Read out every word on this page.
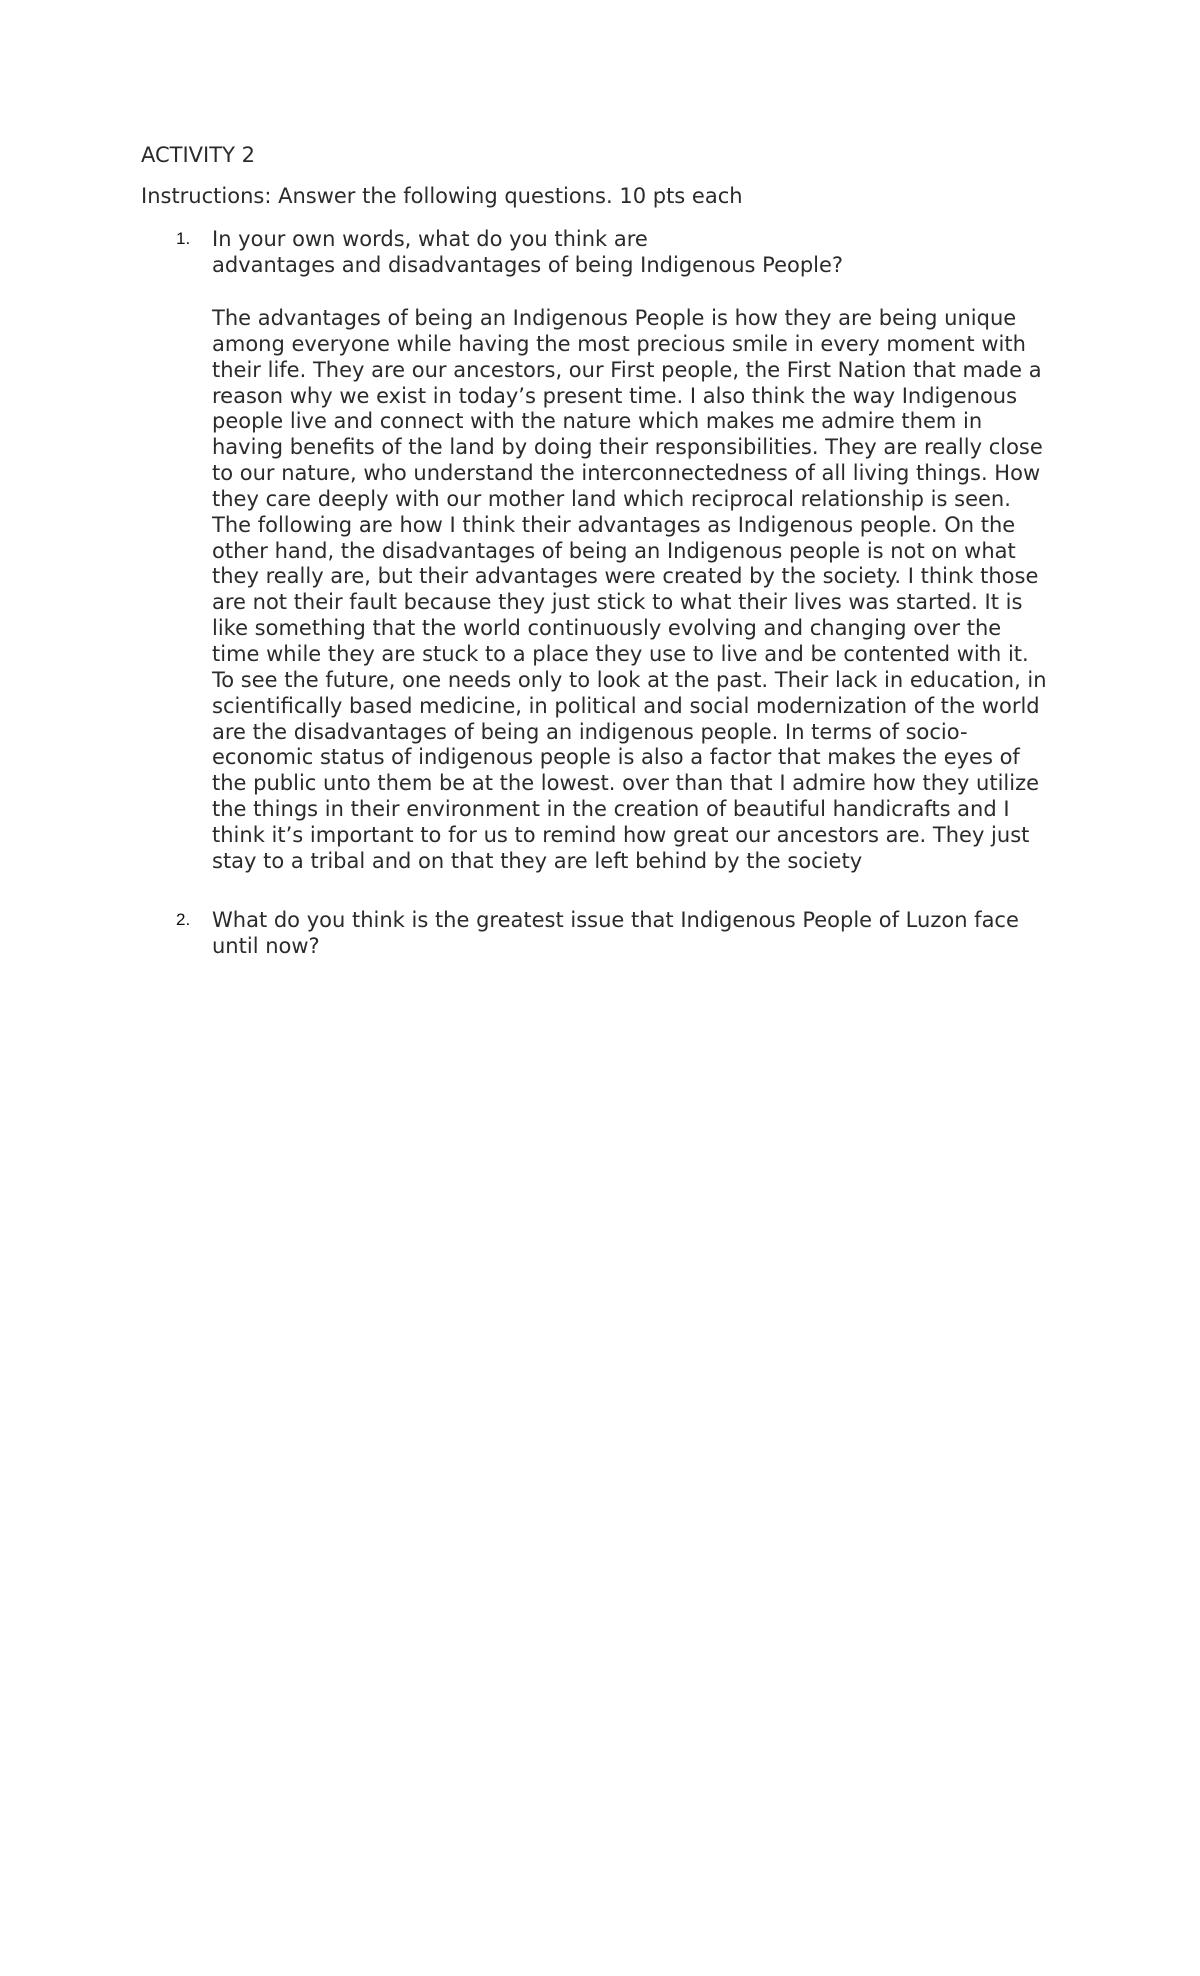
ACTIVITY 2

Instructions: Answer the following questions. 10 pts each

1. In your own words, what do you think are
advantages and disadvantages of being Indigenous People?

The advantages of being an Indigenous People is how they are being unique
among everyone while having the most precious smile in every moment with
their life. They are our ancestors, our First people, the First Nation that made a
reason why we exist in today’s present time. I also think the way Indigenous
people live and connect with the nature which makes me admire them in
having benefits of the land by doing their responsibilities. They are really close
to our nature, who understand the interconnectedness of all living things. How
they care deeply with our mother land which reciprocal relationship is seen.
The following are how I think their advantages as Indigenous people. On the
other hand, the disadvantages of being an Indigenous people is not on what
they really are, but their advantages were created by the society. I think those
are not their fault because they just stick to what their lives was started. It is
like something that the world continuously evolving and changing over the
time while they are stuck to a place they use to live and be contented with it.
To see the future, one needs only to look at the past. Their lack in education, in
scientifically based medicine, in political and social modernization of the world
are the disadvantages of being an indigenous people. In terms of socio-
economic status of indigenous people is also a factor that makes the eyes of
the public unto them be at the lowest. over than that I admire how they utilize
the things in their environment in the creation of beautiful handicrafts and I
think it’s important to for us to remind how great our ancestors are. They just
stay to a tribal and on that they are left behind by the society

2. What do you think is the greatest issue that Indigenous People of Luzon face
until now?
